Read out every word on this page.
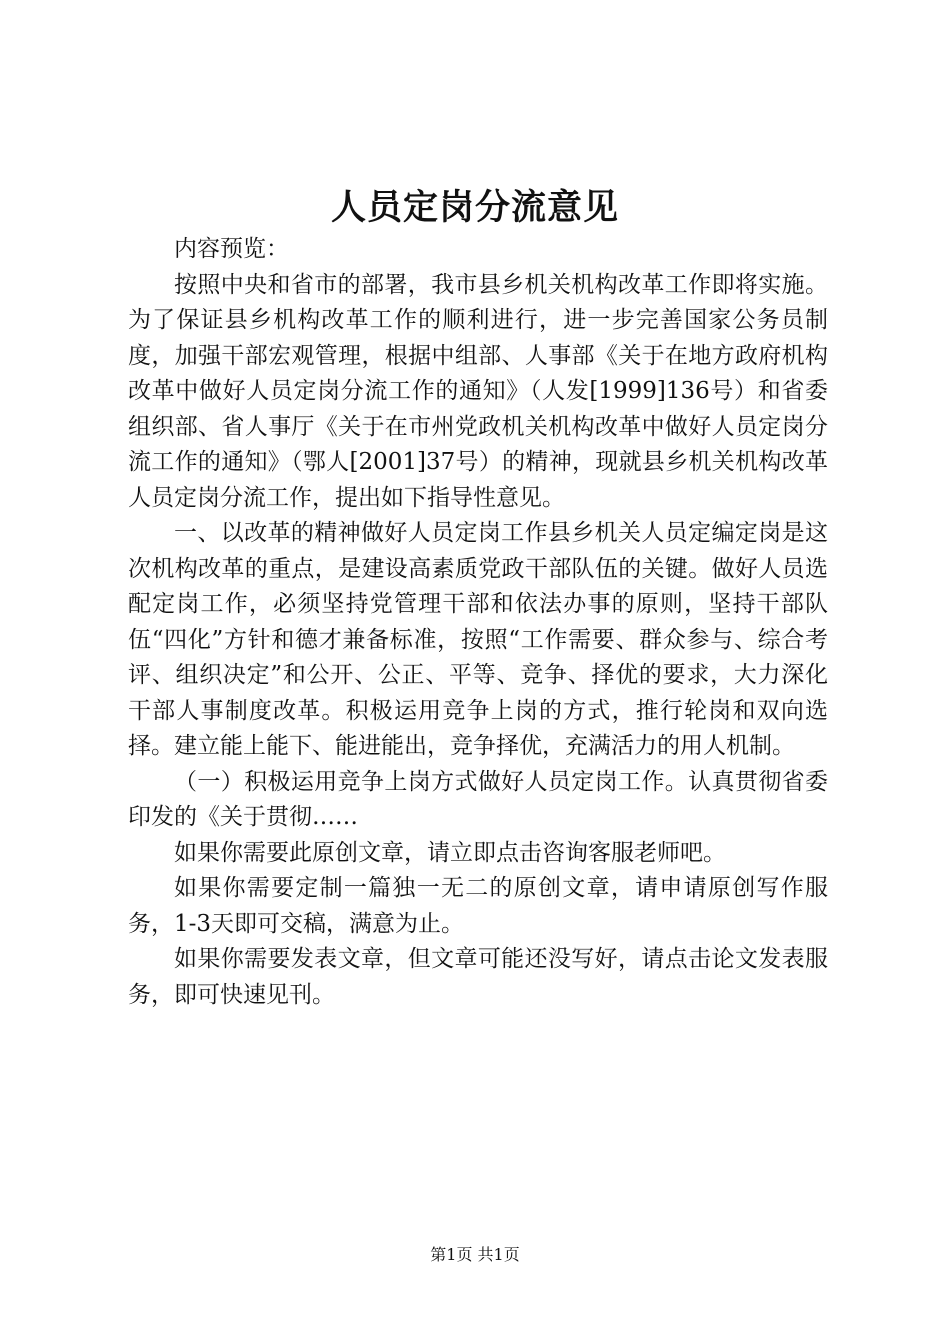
人员定岗分流意见

内容预览：

按照中央和省市的部署，我市县乡机关机构改革工作即将实施。为了保证县乡机构改革工作的顺利进行，进一步完善国家公务员制度，加强干部宏观管理，根据中组部、人事部《关于在地方政府机构改革中做好人员定岗分流工作的通知》（人发[1999]136号）和省委组织部、省人事厅《关于在市州党政机关机构改革中做好人员定岗分流工作的通知》（鄂人[2001]37号）的精神，现就县乡机关机构改革人员定岗分流工作，提出如下指导性意见。

一、以改革的精神做好人员定岗工作县乡机关人员定编定岗是这次机构改革的重点，是建设高素质党政干部队伍的关键。做好人员选配定岗工作，必须坚持党管理干部和依法办事的原则，坚持干部队伍“四化”方针和德才兼备标准，按照“工作需要、群众参与、综合考评、组织决定”和公开、公正、平等、竞争、择优的要求，大力深化干部人事制度改革。积极运用竞争上岗的方式，推行轮岗和双向选择。建立能上能下、能进能出，竞争择优，充满活力的用人机制。

（一）积极运用竞争上岗方式做好人员定岗工作。认真贯彻省委印发的《关于贯彻……

如果你需要此原创文章，请立即点击咨询客服老师吧。

如果你需要定制一篇独一无二的原创文章，请申请原创写作服务，1-3天即可交稿，满意为止。

如果你需要发表文章，但文章可能还没写好，请点击论文发表服务，即可快速见刊。

第1页 共1页
